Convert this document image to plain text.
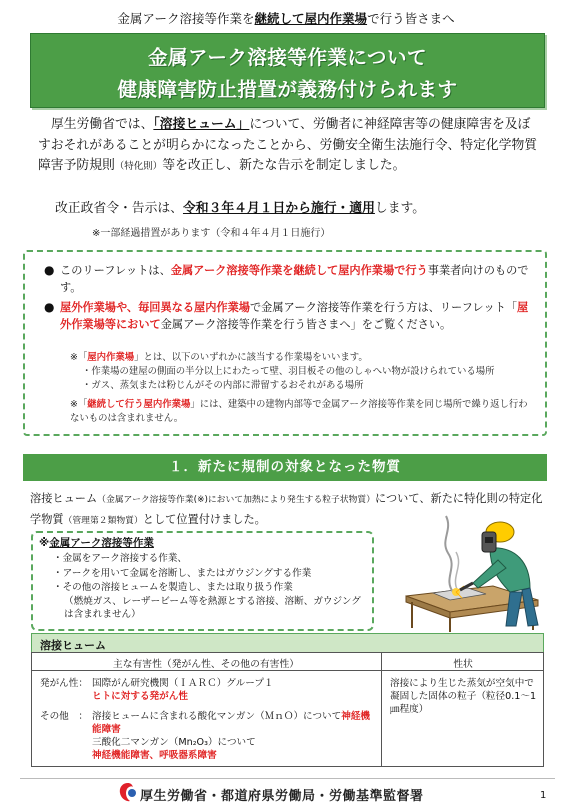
金属アーク溶接等作業を継続して屋内作業場で行う皆さまへ
金属アーク溶接等作業について
健康障害防止措置が義務付けられます
厚生労働省では、「溶接ヒューム」について、労働者に神経障害等の健康障害を及ぼすおそれがあることが明らかになったことから、労働安全衛生法施行令、特定化学物質障害予防規則（特化則）等を改正し、新たな告示を制定しました。
改正政省令・告示は、令和３年４月１日から施行・適用します。
※一部経過措置があります（令和４年４月１日施行）
● このリーフレットは、金属アーク溶接等作業を継続して屋内作業場で行う事業者向けのものです。
● 屋外作業場や、毎回異なる屋内作業場で金属アーク溶接等作業を行う方は、リーフレット「屋外作業場等において金属アーク溶接等作業を行う皆さまへ」をご覧ください。
※「屋内作業場」とは、以下のいずれかに該当する作業場をいいます。
・作業場の建屋の側面の半分以上にわたって壁、羽目板その他のしゃへい物が設けられている場所
・ガス、蒸気または粉じんがその内部に滞留するおそれがある場所
※「継続して行う屋内作業場」には、建築中の建物内部等で金属アーク溶接等作業を同じ場所で繰り返し行わないものは含まれません。
１．新たに規制の対象となった物質
溶接ヒューム（金属アーク溶接等作業(※)において加熱により発生する粒子状物質）について、新たに特化則の特定化学物質（管理第２類物質）として位置付けました。
※金属アーク溶接等作業
・金属をアーク溶接する作業、
・アークを用いて金属を溶断し、またはガウジングする作業
・その他の溶接ヒュームを製造し、または取り扱う作業
（燃焼ガス、レーザービーム等を熱源とする溶接、溶断、ガウジングは含まれません）
溶接ヒューム
主な有害性（発がん性、その他の有害性）	性状
発がん性： 国際がん研究機関（ＩＡＲＣ）グループ１
ヒトに対する発がん性
その他　： 溶接ヒュームに含まれる酸化マンガン（ＭｎＯ）について神経機能障害
三酸化二マンガン（Mn₂O₃）について
神経機能障害、呼吸器系障害
溶接により生じた蒸気が空気中で凝固した固体の粒子（粒径0.1～1㎛程度）
厚生労働省・都道府県労働局・労働基準監督署	1
